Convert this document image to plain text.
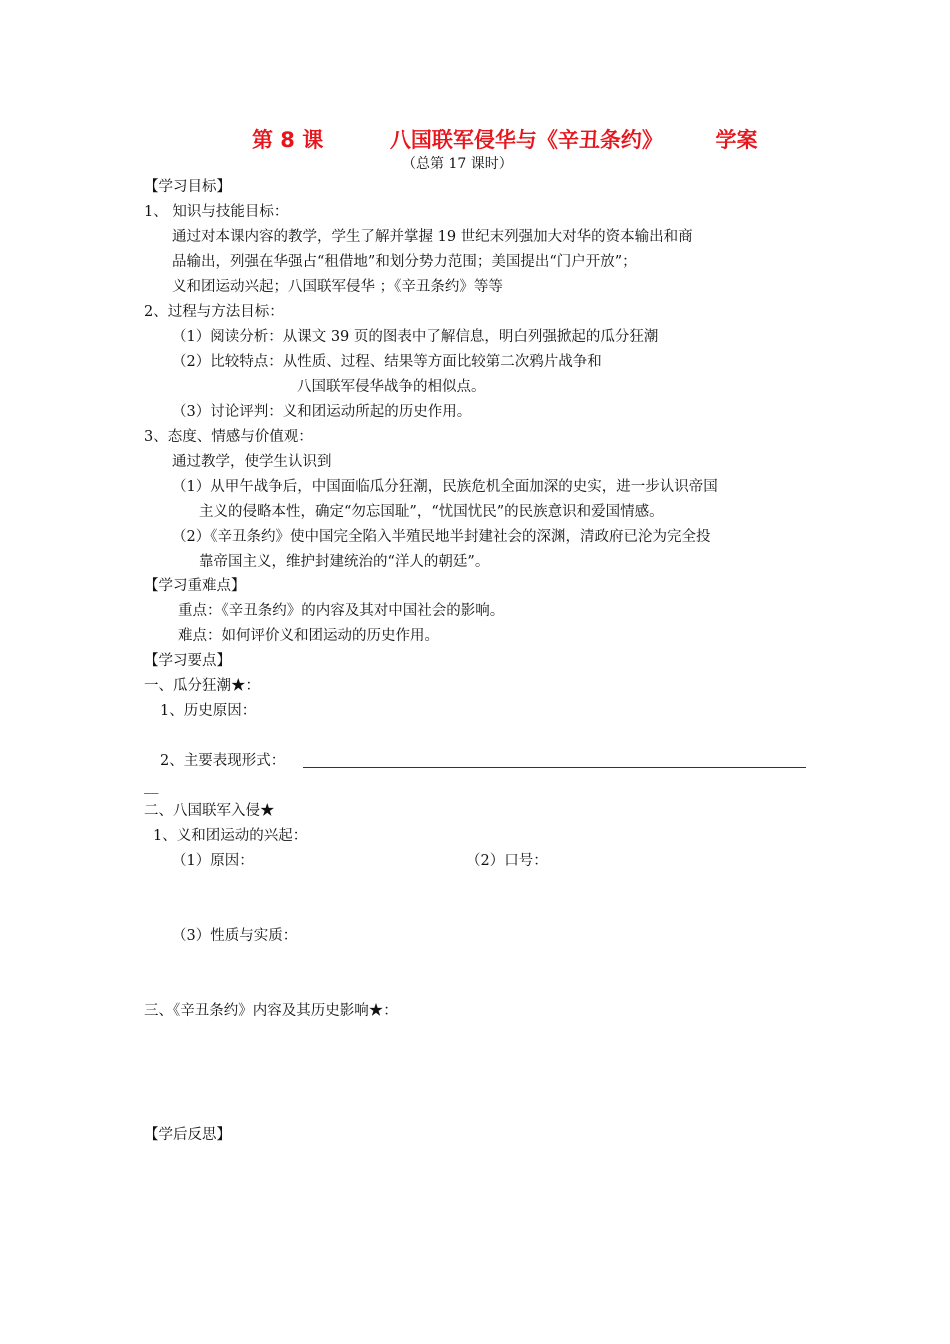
第 8 课	八国联军侵华与《辛丑条约》	学案
（总第 17 课时）
【学习目标】
1、 知识与技能目标：
通过对本课内容的教学，学生了解并掌握 19 世纪末列强加大对华的资本输出和商
品输出，列强在华强占“租借地”和划分势力范围；美国提出“门户开放”；
义和团运动兴起；八国联军侵华 ；《辛丑条约》等等
2、过程与方法目标：
（1）阅读分析：从课文 39 页的图表中了解信息，明白列强掀起的瓜分狂潮
（2）比较特点：从性质、过程、结果等方面比较第二次鸦片战争和
八国联军侵华战争的相似点。
（3）讨论评判：义和团运动所起的历史作用。
3、态度、情感与价值观：
通过教学，使学生认识到
（1）从甲午战争后，中国面临瓜分狂潮，民族危机全面加深的史实，进一步认识帝国
主义的侵略本性，确定“勿忘国耻”，“忧国忧民”的民族意识和爱国情感。
（2）《辛丑条约》使中国完全陷入半殖民地半封建社会的深渊，清政府已沦为完全投
靠帝国主义，维护封建统治的“洋人的朝廷”。
【学习重难点】
重点：《辛丑条约》的内容及其对中国社会的影响。
难点：如何评价义和团运动的历史作用。
【学习要点】
一、瓜分狂潮★：
1、历史原因：
2、主要表现形式：
__
二、八国联军入侵★
1、义和团运动的兴起：
（1）原因：	（2）口号：
（3）性质与实质：
三、《辛丑条约》内容及其历史影响★：
【学后反思】
